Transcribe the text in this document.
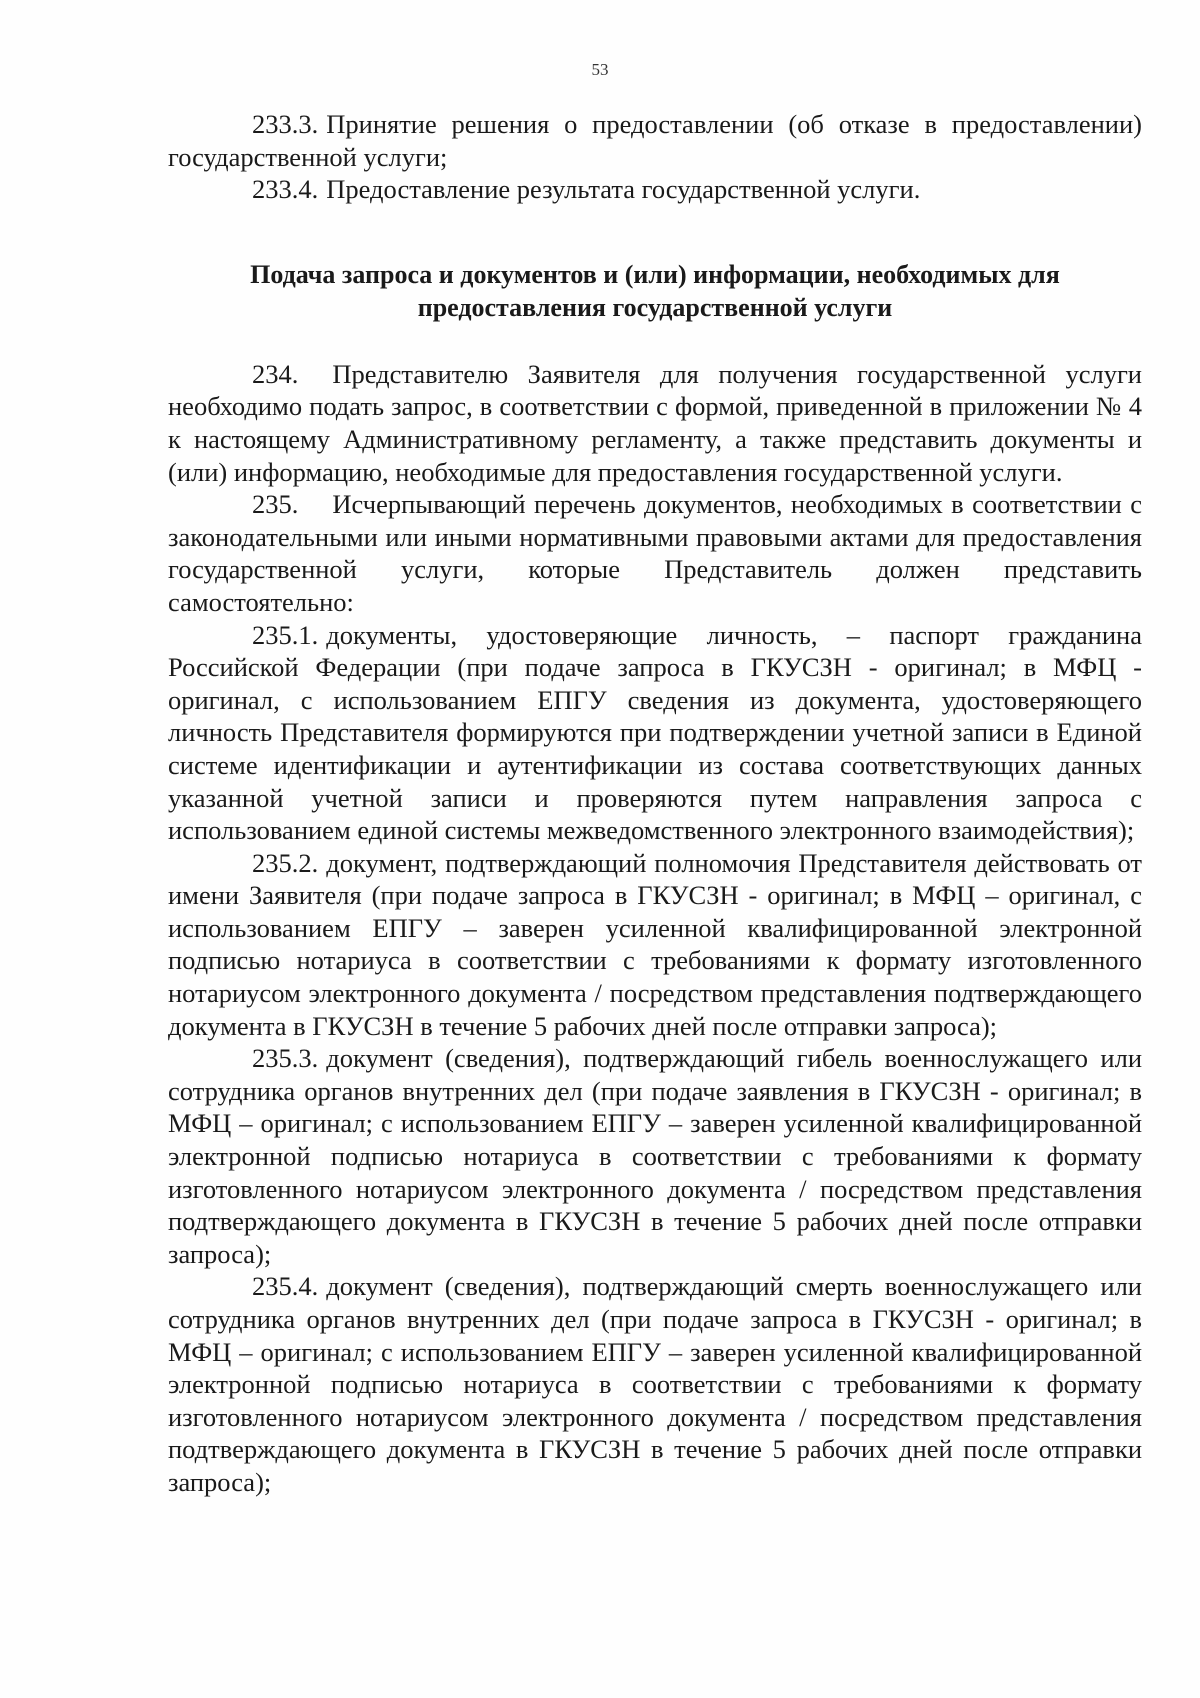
53

233.3. Принятие решения о предоставлении (об отказе в предоставлении) государственной услуги;

233.4. Предоставление результата государственной услуги.

Подача запроса и документов и (или) информации, необходимых для
предоставления государственной услуги

234. Представителю Заявителя для получения государственной услуги необходимо подать запрос, в соответствии с формой, приведенной в приложении № 4 к настоящему Административному регламенту, а также представить документы и (или) информацию, необходимые для предоставления государственной услуги.

235. Исчерпывающий перечень документов, необходимых в соответствии с законодательными или иными нормативными правовыми актами для предоставления государственной услуги, которые Представитель должен представить самостоятельно:

235.1. документы, удостоверяющие личность, – паспорт гражданина Российской Федерации (при подаче запроса в ГКУСЗН - оригинал; в МФЦ - оригинал, с использованием ЕПГУ сведения из документа, удостоверяющего личность Представителя формируются при подтверждении учетной записи в Единой системе идентификации и аутентификации из состава соответствующих данных указанной учетной записи и проверяются путем направления запроса с использованием единой системы межведомственного электронного взаимодействия);

235.2. документ, подтверждающий полномочия Представителя действовать от имени Заявителя (при подаче запроса в ГКУСЗН - оригинал; в МФЦ – оригинал, с использованием ЕПГУ – заверен усиленной квалифицированной электронной подписью нотариуса в соответствии с требованиями к формату изготовленного нотариусом электронного документа / посредством представления подтверждающего документа в ГКУСЗН в течение 5 рабочих дней после отправки запроса);

235.3. документ (сведения), подтверждающий гибель военнослужащего или сотрудника органов внутренних дел (при подаче заявления в ГКУСЗН - оригинал; в МФЦ – оригинал; с использованием ЕПГУ – заверен усиленной квалифицированной электронной подписью нотариуса в соответствии с требованиями к формату изготовленного нотариусом электронного документа / посредством представления подтверждающего документа в ГКУСЗН в течение 5 рабочих дней после отправки запроса);

235.4. документ (сведения), подтверждающий смерть военнослужащего или сотрудника органов внутренних дел (при подаче запроса в ГКУСЗН - оригинал; в МФЦ – оригинал; с использованием ЕПГУ – заверен усиленной квалифицированной электронной подписью нотариуса в соответствии с требованиями к формату изготовленного нотариусом электронного документа / посредством представления подтверждающего документа в ГКУСЗН в течение 5 рабочих дней после отправки запроса);
